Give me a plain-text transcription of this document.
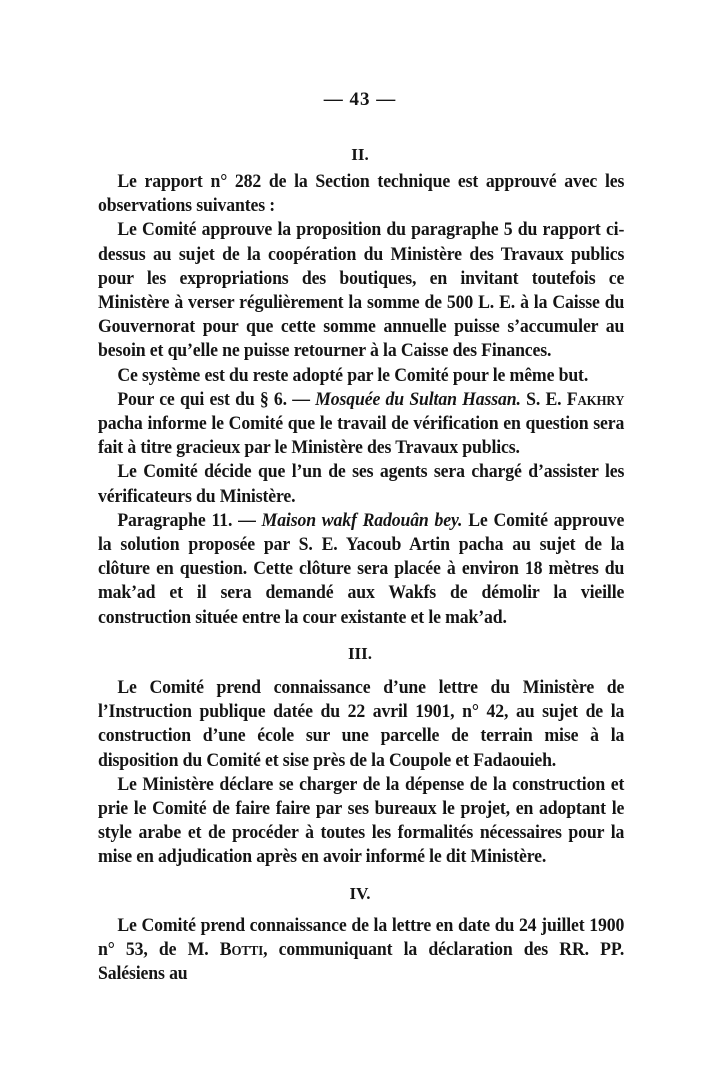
— 43 —
II.

Le rapport n° 282 de la Section technique est approuvé avec les observations suivantes :

Le Comité approuve la proposition du paragraphe 5 du rapport ci-dessus au sujet de la coopération du Ministère des Travaux publics pour les expropriations des boutiques, en invitant toutefois ce Ministère à verser régulièrement la somme de 500 L. E. à la Caisse du Gouvernorat pour que cette somme annuelle puisse s’accumuler au besoin et qu’elle ne puisse retourner à la Caisse des Finances.

Ce système est du reste adopté par le Comité pour le même but.

Pour ce qui est du § 6. — Mosquée du Sultan Hassan. S. E. Fakhry pacha informe le Comité que le travail de vérification en question sera fait à titre gracieux par le Ministère des Travaux publics.

Le Comité décide que l’un de ses agents sera chargé d’assister les vérificateurs du Ministère.

Paragraphe 11. — Maison wakf Radouân bey. Le Comité approuve la solution proposée par S. E. Yacoub Artin pacha au sujet de la clôture en question. Cette clôture sera placée à environ 18 mètres du mak’ad et il sera demandé aux Wakfs de démolir la vieille construction située entre la cour existante et le mak’ad.

III.

Le Comité prend connaissance d’une lettre du Ministère de l’Instruction publique datée du 22 avril 1901, n° 42, au sujet de la construction d’une école sur une parcelle de terrain mise à la disposition du Comité et sise près de la Coupole et Fadaouieh.

Le Ministère déclare se charger de la dépense de la construction et prie le Comité de faire faire par ses bureaux le projet, en adoptant le style arabe et de procéder à toutes les formalités nécessaires pour la mise en adjudication après en avoir informé le dit Ministère.

IV.

Le Comité prend connaissance de la lettre en date du 24 juillet 1900 n° 53, de M. Botti, communiquant la déclaration des RR. PP. Salésiens au
